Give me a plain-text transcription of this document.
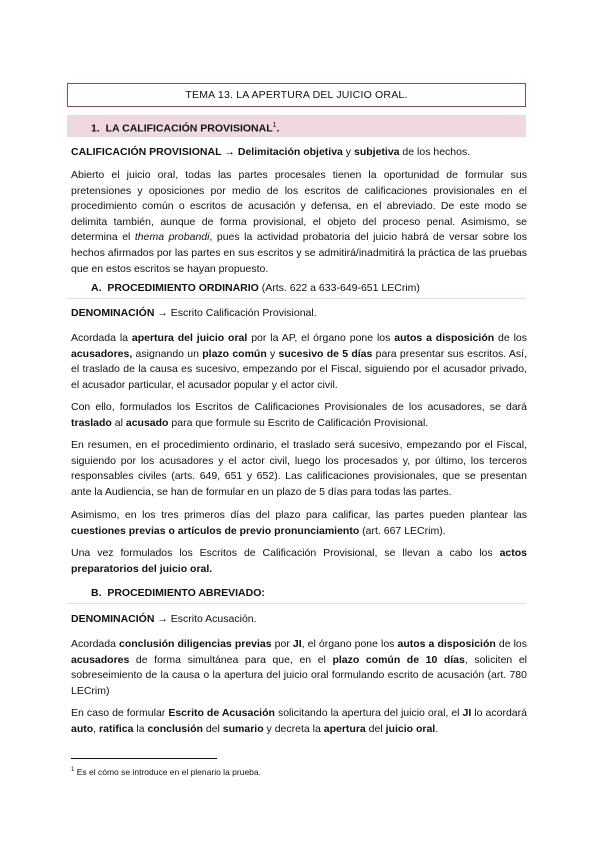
TEMA 13. LA APERTURA DEL JUICIO ORAL.
1. LA CALIFICACIÓN PROVISIONAL$^1$.

CALIFICACIÓN PROVISIONAL → Delimitación objetiva y subjetiva de los hechos.

Abierto el juicio oral, todas las partes procesales tienen la oportunidad de formular sus pretensiones y oposiciones por medio de los escritos de calificaciones provisionales en el procedimiento común o escritos de acusación y defensa, en el abreviado. De este modo se delimita también, aunque de forma provisional, el objeto del proceso penal. Asimismo, se determina el thema probandi, pues la actividad probatoria del juicio habrá de versar sobre los hechos afirmados por las partes en sus escritos y se admitirá/inadmitirá la práctica de las pruebas que en estos escritos se hayan propuesto.

A. PROCEDIMIENTO ORDINARIO (Arts. 622 a 633-649-651 LECrim)

DENOMINACIÓN → Escrito Calificación Provisional.

Acordada la apertura del juicio oral por la AP, el órgano pone los autos a disposición de los acusadores, asignando un plazo común y sucesivo de 5 días para presentar sus escritos. Así, el traslado de la causa es sucesivo, empezando por el Fiscal, siguiendo por el acusador privado, el acusador particular, el acusador popular y el actor civil.

Con ello, formulados los Escritos de Calificaciones Provisionales de los acusadores, se dará traslado al acusado para que formule su Escrito de Calificación Provisional.

En resumen, en el procedimiento ordinario, el traslado será sucesivo, empezando por el Fiscal, siguiendo por los acusadores y el actor civil, luego los procesados y, por último, los terceros responsables civiles (arts. 649, 651 y 652). Las calificaciones provisionales, que se presentan ante la Audiencia, se han de formular en un plazo de 5 días para todas las partes.

Asimismo, en los tres primeros días del plazo para calificar, las partes pueden plantear las cuestiones previas o artículos de previo pronunciamiento (art. 667 LECrim).

Una vez formulados los Escritos de Calificación Provisional, se llevan a cabo los actos preparatorios del juicio oral.

B. PROCEDIMIENTO ABREVIADO:

DENOMINACIÓN → Escrito Acusación.

Acordada conclusión diligencias previas por JI, el órgano pone los autos a disposición de los acusadores de forma simultánea para que, en el plazo común de 10 días, soliciten el sobreseimiento de la causa o la apertura del juicio oral formulando escrito de acusación (art. 780 LECrim)

En caso de formular Escrito de Acusación solicitando la apertura del juicio oral, el JI lo acordará auto, ratifica la conclusión del sumario y decreta la apertura del juicio oral.

$^1$ Es el cómo se introduce en el plenario la prueba.
